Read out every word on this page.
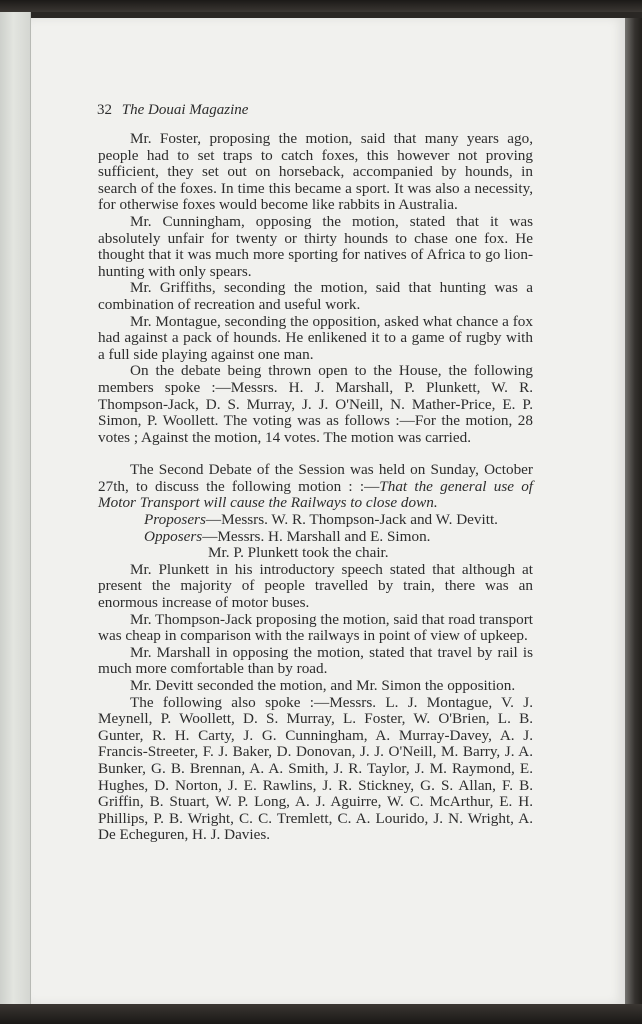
32 The Douai Magazine

Mr. Foster, proposing the motion, said that many years ago, people had to set traps to catch foxes, this however not proving sufficient, they set out on horseback, accompanied by hounds, in search of the foxes. In time this became a sport. It was also a necessity, for otherwise foxes would become like rabbits in Australia.

Mr. Cunningham, opposing the motion, stated that it was absolutely unfair for twenty or thirty hounds to chase one fox. He thought that it was much more sporting for natives of Africa to go lion-hunting with only spears.

Mr. Griffiths, seconding the motion, said that hunting was a combination of recreation and useful work.

Mr. Montague, seconding the opposition, asked what chance a fox had against a pack of hounds. He enlikened it to a game of rugby with a full side playing against one man.

On the debate being thrown open to the House, the following members spoke :—Messrs. H. J. Marshall, P. Plunkett, W. R. Thompson-Jack, D. S. Murray, J. J. O'Neill, N. Mather-Price, E. P. Simon, P. Woollett. The voting was as follows :—For the motion, 28 votes ; Against the motion, 14 votes. The motion was carried.

The Second Debate of the Session was held on Sunday, October 27th, to discuss the following motion : :—That the general use of Motor Transport will cause the Railways to close down.

Proposers—Messrs. W. R. Thompson-Jack and W. Devitt.

Opposers—Messrs. H. Marshall and E. Simon.

Mr. P. Plunkett took the chair.

Mr. Plunkett in his introductory speech stated that although at present the majority of people travelled by train, there was an enormous increase of motor buses.

Mr. Thompson-Jack proposing the motion, said that road transport was cheap in comparison with the railways in point of view of upkeep.

Mr. Marshall in opposing the motion, stated that travel by rail is much more comfortable than by road.

Mr. Devitt seconded the motion, and Mr. Simon the opposition.

The following also spoke :—Messrs. L. J. Montague, V. J. Meynell, P. Woollett, D. S. Murray, L. Foster, W. O'Brien, L. B. Gunter, R. H. Carty, J. G. Cunningham, A. Murray-Davey, A. J. Francis-Streeter, F. J. Baker, D. Donovan, J. J. O'Neill, M. Barry, J. A. Bunker, G. B. Brennan, A. A. Smith, J. R. Taylor, J. M. Raymond, E. Hughes, D. Norton, J. E. Rawlins, J. R. Stickney, G. S. Allan, F. B. Griffin, B. Stuart, W. P. Long, A. J. Aguirre, W. C. McArthur, E. H. Phillips, P. B. Wright, C. C. Tremlett, C. A. Lourido, J. N. Wright, A. De Echeguren, H. J. Davies.
